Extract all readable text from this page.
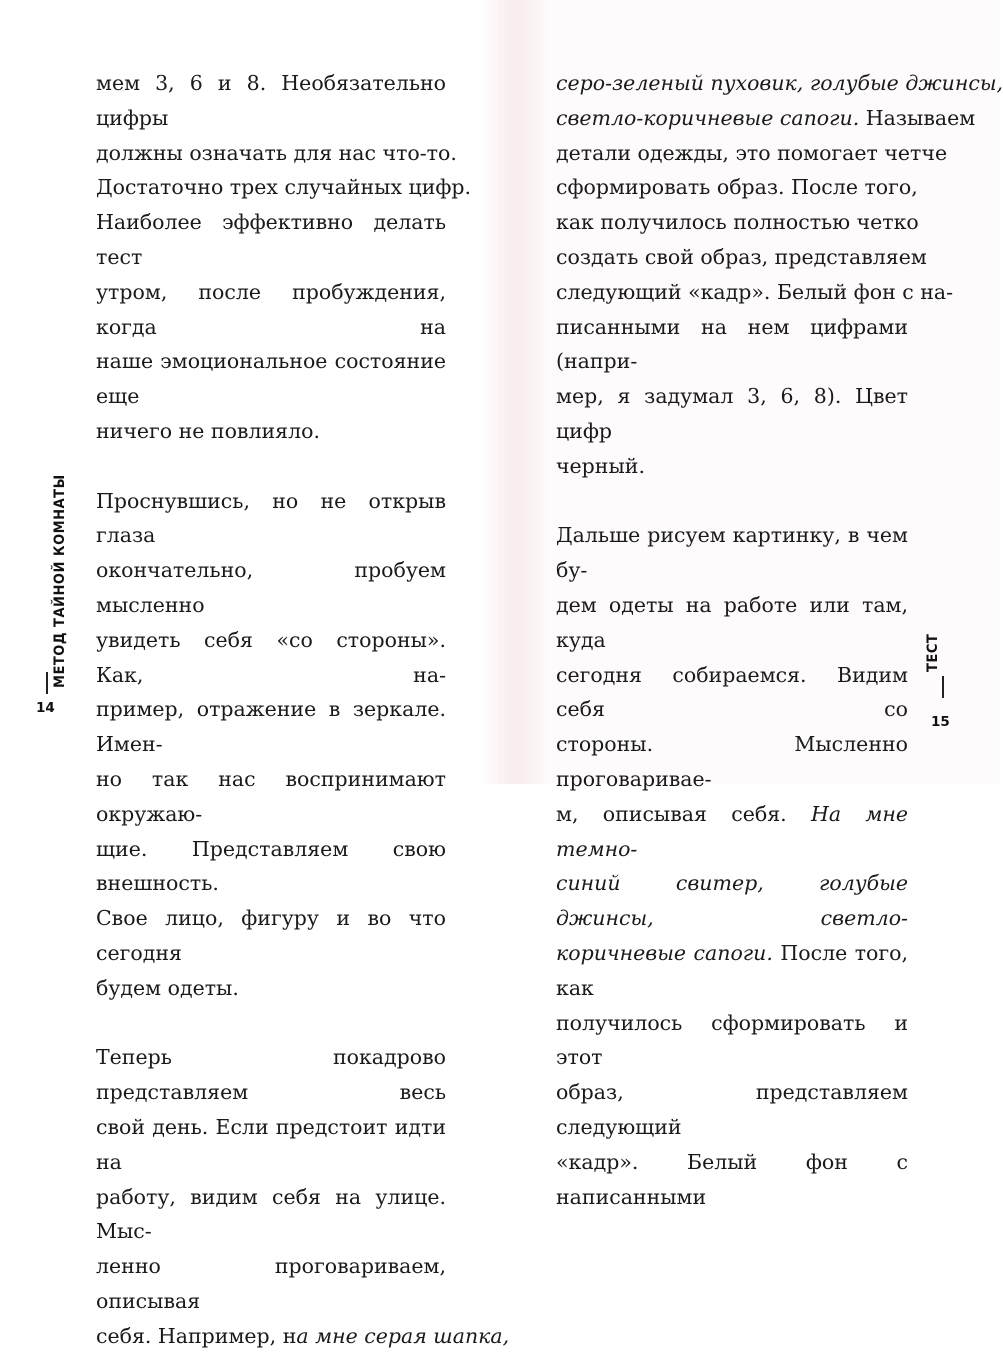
мем 3, 6 и 8. Необязательно цифры
должны означать для нас что-то.
Достаточно трех случайных цифр.
Наиболее эффективно делать тест
утром, после пробуждения, когда на
наше эмоциональное состояние еще
ничего не повлияло.
Проснувшись, но не открыв глаза
окончательно, пробуем мысленно
увидеть себя «со стороны». Как, на-
пример, отражение в зеркале. Имен-
но так нас воспринимают окружаю-
щие. Представляем свою внешность.
Свое лицо, фигуру и во что сегодня
будем одеты.
Теперь покадрово представляем весь
свой день. Если предстоит идти на
работу, видим себя на улице. Мыс-
ленно проговариваем, описывая
себя. Например, на мне серая шапка,
МЕТОД ТАЙНОЙ КОМНАТЫ
14
серо-зеленый пуховик, голубые джинсы,
светло-коричневые сапоги. Называем
детали одежды, это помогает четче
сформировать образ. После того,
как получилось полностью четко
создать свой образ, представляем
следующий «кадр». Белый фон с на-
писанными на нем цифрами (напри-
мер, я задумал 3, 6, 8). Цвет цифр
черный.
Дальше рисуем картинку, в чем бу-
дем одеты на работе или там, куда
сегодня собираемся. Видим себя со
стороны. Мысленно проговаривае-
м, описывая себя. На мне темно-
синий свитер, голубые джинсы, светло-
коричневые сапоги. После того, как
получилось сформировать и этот
образ, представляем следующий
«кадр». Белый фон с написанными
ТЕСТ
15
